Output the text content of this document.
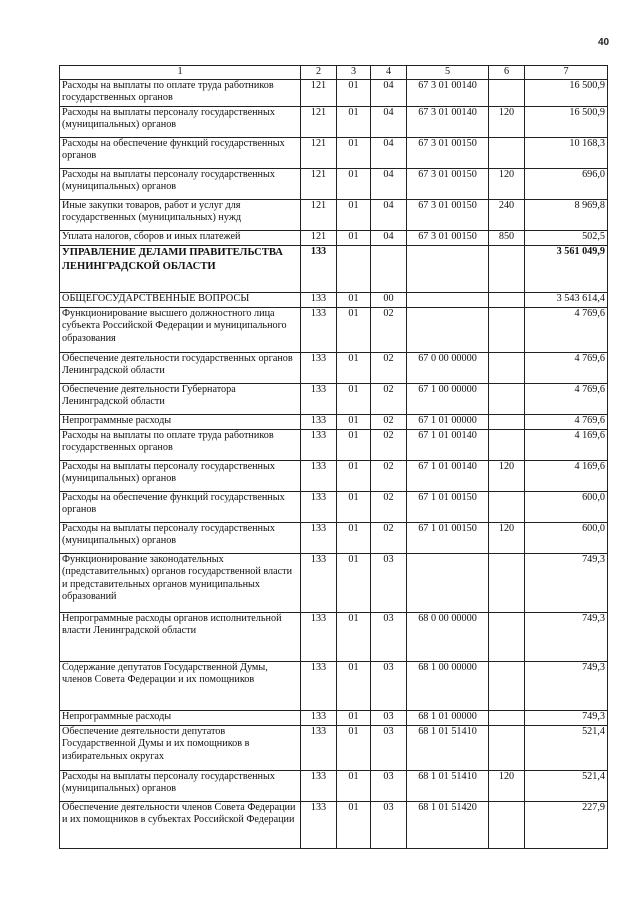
40
1	2	3	4	5	6	7
Расходы на выплаты по оплате труда работников государственных органов	121	01	04	67 3 01 00140		16 500,9
Расходы на выплаты персоналу государственных (муниципальных) органов	121	01	04	67 3 01 00140	120	16 500,9
Расходы на обеспечение функций государственных органов	121	01	04	67 3 01 00150		10 168,3
Расходы на выплаты персоналу государственных (муниципальных) органов	121	01	04	67 3 01 00150	120	696,0
Иные закупки товаров, работ и услуг для государственных (муниципальных) нужд	121	01	04	67 3 01 00150	240	8 969,8
Уплата налогов, сборов и иных платежей	121	01	04	67 3 01 00150	850	502,5
УПРАВЛЕНИЕ ДЕЛАМИ ПРАВИТЕЛЬСТВА ЛЕНИНГРАДСКОЙ ОБЛАСТИ	133					3 561 049,9
ОБЩЕГОСУДАРСТВЕННЫЕ ВОПРОСЫ	133	01	00			3 543 614,4
Функционирование высшего должностного лица субъекта Российской Федерации и муниципального образования	133	01	02			4 769,6
Обеспечение деятельности государственных органов Ленинградской области	133	01	02	67 0 00 00000		4 769,6
Обеспечение деятельности Губернатора Ленинградской области	133	01	02	67 1 00 00000		4 769,6
Непрограммные расходы	133	01	02	67 1 01 00000		4 769,6
Расходы на выплаты по оплате труда работников государственных органов	133	01	02	67 1 01 00140		4 169,6
Расходы на выплаты персоналу государственных (муниципальных) органов	133	01	02	67 1 01 00140	120	4 169,6
Расходы на обеспечение функций государственных органов	133	01	02	67 1 01 00150		600,0
Расходы на выплаты персоналу государственных (муниципальных) органов	133	01	02	67 1 01 00150	120	600,0
Функционирование законодательных (представительных) органов государственной власти и представительных органов муниципальных образований	133	01	03			749,3
Непрограммные расходы органов исполнительной власти Ленинградской области	133	01	03	68 0 00 00000		749,3
Содержание депутатов Государственной Думы, членов Совета Федерации и их помощников	133	01	03	68 1 00 00000		749,3
Непрограммные расходы	133	01	03	68 1 01 00000		749,3
Обеспечение деятельности депутатов Государственной Думы и их помощников в избирательных округах	133	01	03	68 1 01 51410		521,4
Расходы на выплаты персоналу государственных (муниципальных) органов	133	01	03	68 1 01 51410	120	521,4
Обеспечение деятельности членов Совета Федерации и их помощников в субъектах Российской Федерации	133	01	03	68 1 01 51420		227,9
